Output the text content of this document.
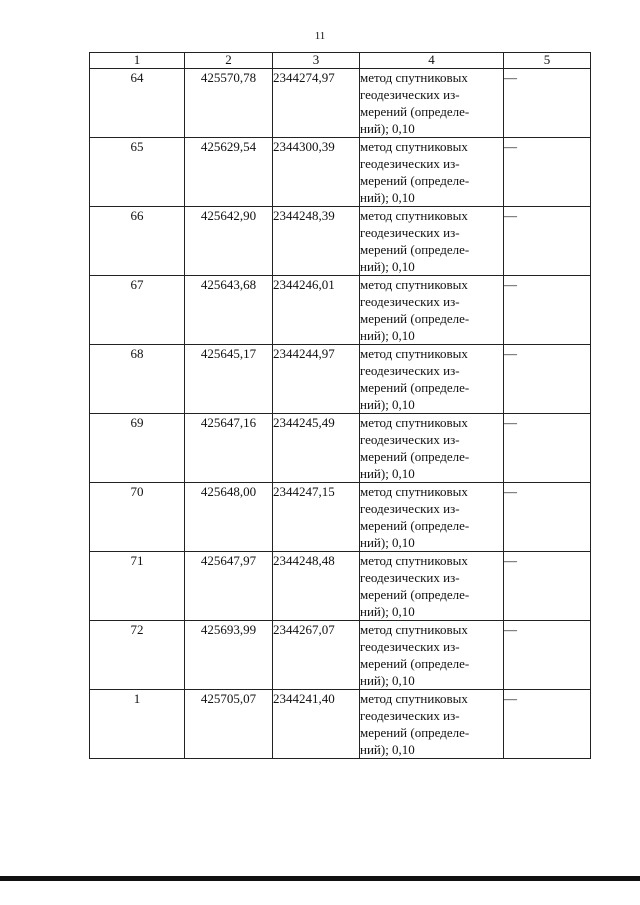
11
1	2	3	4	5
64	425570,78	2344274,97	метод спутниковых
геодезических из-
мерений (определе-
ний); 0,10	—
65	425629,54	2344300,39	метод спутниковых
геодезических из-
мерений (определе-
ний); 0,10	—
66	425642,90	2344248,39	метод спутниковых
геодезических из-
мерений (определе-
ний); 0,10	—
67	425643,68	2344246,01	метод спутниковых
геодезических из-
мерений (определе-
ний); 0,10	—
68	425645,17	2344244,97	метод спутниковых
геодезических из-
мерений (определе-
ний); 0,10	—
69	425647,16	2344245,49	метод спутниковых
геодезических из-
мерений (определе-
ний); 0,10	—
70	425648,00	2344247,15	метод спутниковых
геодезических из-
мерений (определе-
ний); 0,10	—
71	425647,97	2344248,48	метод спутниковых
геодезических из-
мерений (определе-
ний); 0,10	—
72	425693,99	2344267,07	метод спутниковых
геодезических из-
мерений (определе-
ний); 0,10	—
1	425705,07	2344241,40	метод спутниковых
геодезических из-
мерений (определе-
ний); 0,10	—
